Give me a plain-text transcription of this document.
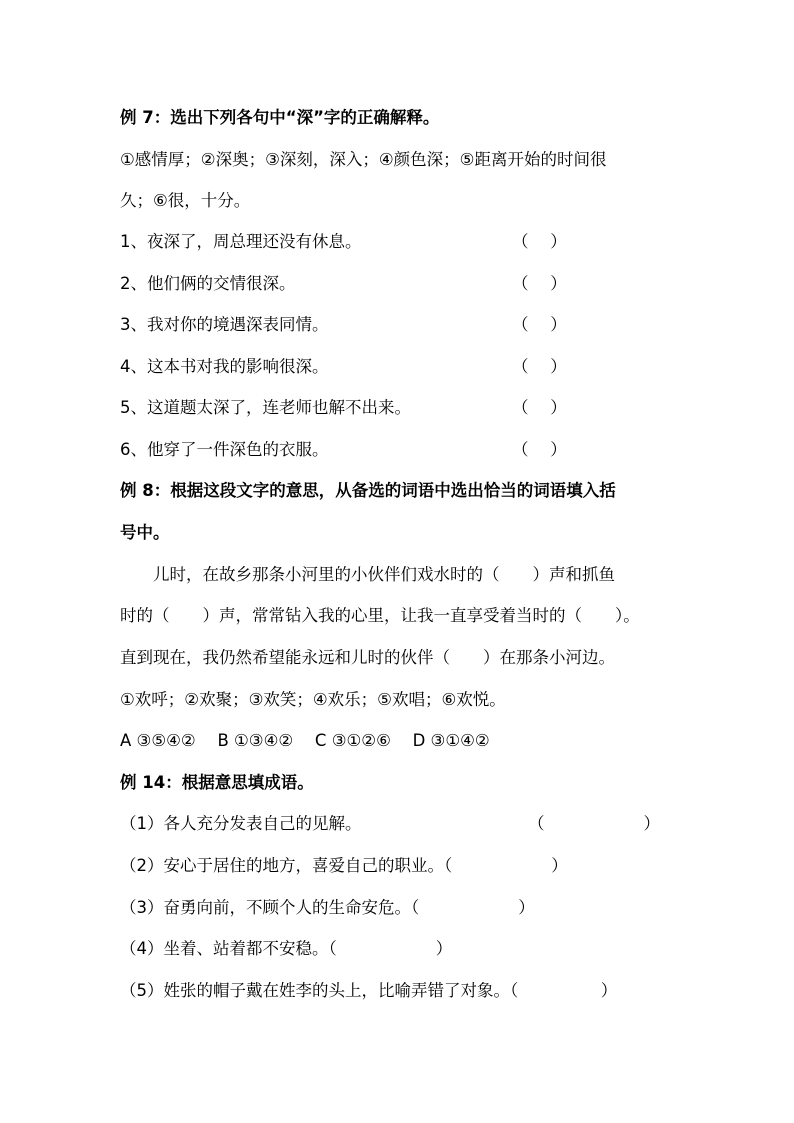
例 7：选出下列各句中“深”字的正确解释。
①感情厚；②深奥；③深刻，深入；④颜色深；⑤距离开始的时间很
久；⑥很，十分。
1、夜深了，周总理还没有休息。	（　 ）
2、他们俩的交情很深。	（　 ）
3、我对你的境遇深表同情。	（　 ）
4、这本书对我的影响很深。	（　 ）
5、这道题太深了，连老师也解不出来。	（　 ）
6、他穿了一件深色的衣服。	（　 ）
例 8：根据这段文字的意思，从备选的词语中选出恰当的词语填入括
号中。
　　儿时，在故乡那条小河里的小伙伴们戏水时的（　　）声和抓鱼
时的（　　）声，常常钻入我的心里，让我一直享受着当时的（　　）。
直到现在，我仍然希望能永远和儿时的伙伴（　　）在那条小河边。
①欢呼；②欢聚；③欢笑；④欢乐；⑤欢唱；⑥欢悦。
A ③⑤④②　 B ①③④②　 C ③①②⑥　 D ③①④②
例 14：根据意思填成语。
（1）各人充分发表自己的见解。	（　　　　　　）
（2）安心于居住的地方，喜爱自己的职业。（　　　　　　）
（3）奋勇向前，不顾个人的生命安危。（　　　　　　）
（4）坐着、站着都不安稳。（　　　　　　）
（5）姓张的帽子戴在姓李的头上，比喻弄错了对象。（　　　　　）
